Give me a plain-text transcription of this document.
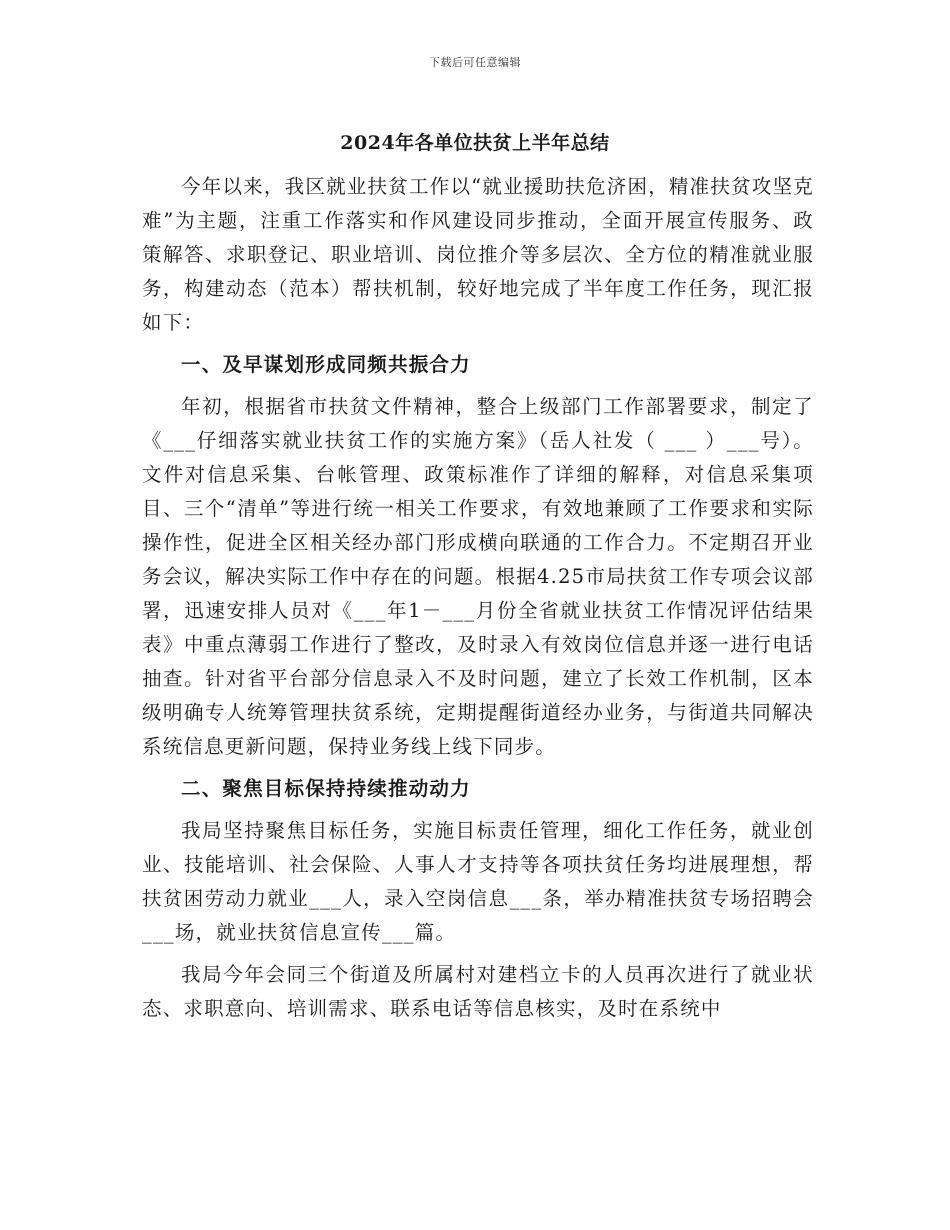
下载后可任意编辑
2024年各单位扶贫上半年总结

今年以来，我区就业扶贫工作以“就业援助扶危济困，精准扶贫攻坚克难”为主题，注重工作落实和作风建设同步推动，全面开展宣传服务、政策解答、求职登记、职业培训、岗位推介等多层次、全方位的精准就业服务，构建动态（范本）帮扶机制，较好地完成了半年度工作任务，现汇报如下：

一、及早谋划形成同频共振合力

年初，根据省市扶贫文件精神，整合上级部门工作部署要求，制定了《___仔细落实就业扶贫工作的实施方案》（岳人社发（ ___ ）___号）。文件对信息采集、台帐管理、政策标准作了详细的解释，对信息采集项目、三个“清单”等进行统一相关工作要求，有效地兼顾了工作要求和实际操作性，促进全区相关经办部门形成横向联通的工作合力。不定期召开业务会议，解决实际工作中存在的问题。根据4.25市局扶贫工作专项会议部署，迅速安排人员对《___年1－___月份全省就业扶贫工作情况评估结果表》中重点薄弱工作进行了整改，及时录入有效岗位信息并逐一进行电话抽查。针对省平台部分信息录入不及时问题，建立了长效工作机制，区本级明确专人统筹管理扶贫系统，定期提醒街道经办业务，与街道共同解决系统信息更新问题，保持业务线上线下同步。

二、聚焦目标保持持续推动动力

我局坚持聚焦目标任务，实施目标责任管理，细化工作任务，就业创业、技能培训、社会保险、人事人才支持等各项扶贫任务均进展理想，帮扶贫困劳动力就业___人，录入空岗信息___条，举办精准扶贫专场招聘会___场，就业扶贫信息宣传___篇。

我局今年会同三个街道及所属村对建档立卡的人员再次进行了就业状态、求职意向、培训需求、联系电话等信息核实，及时在系统中
